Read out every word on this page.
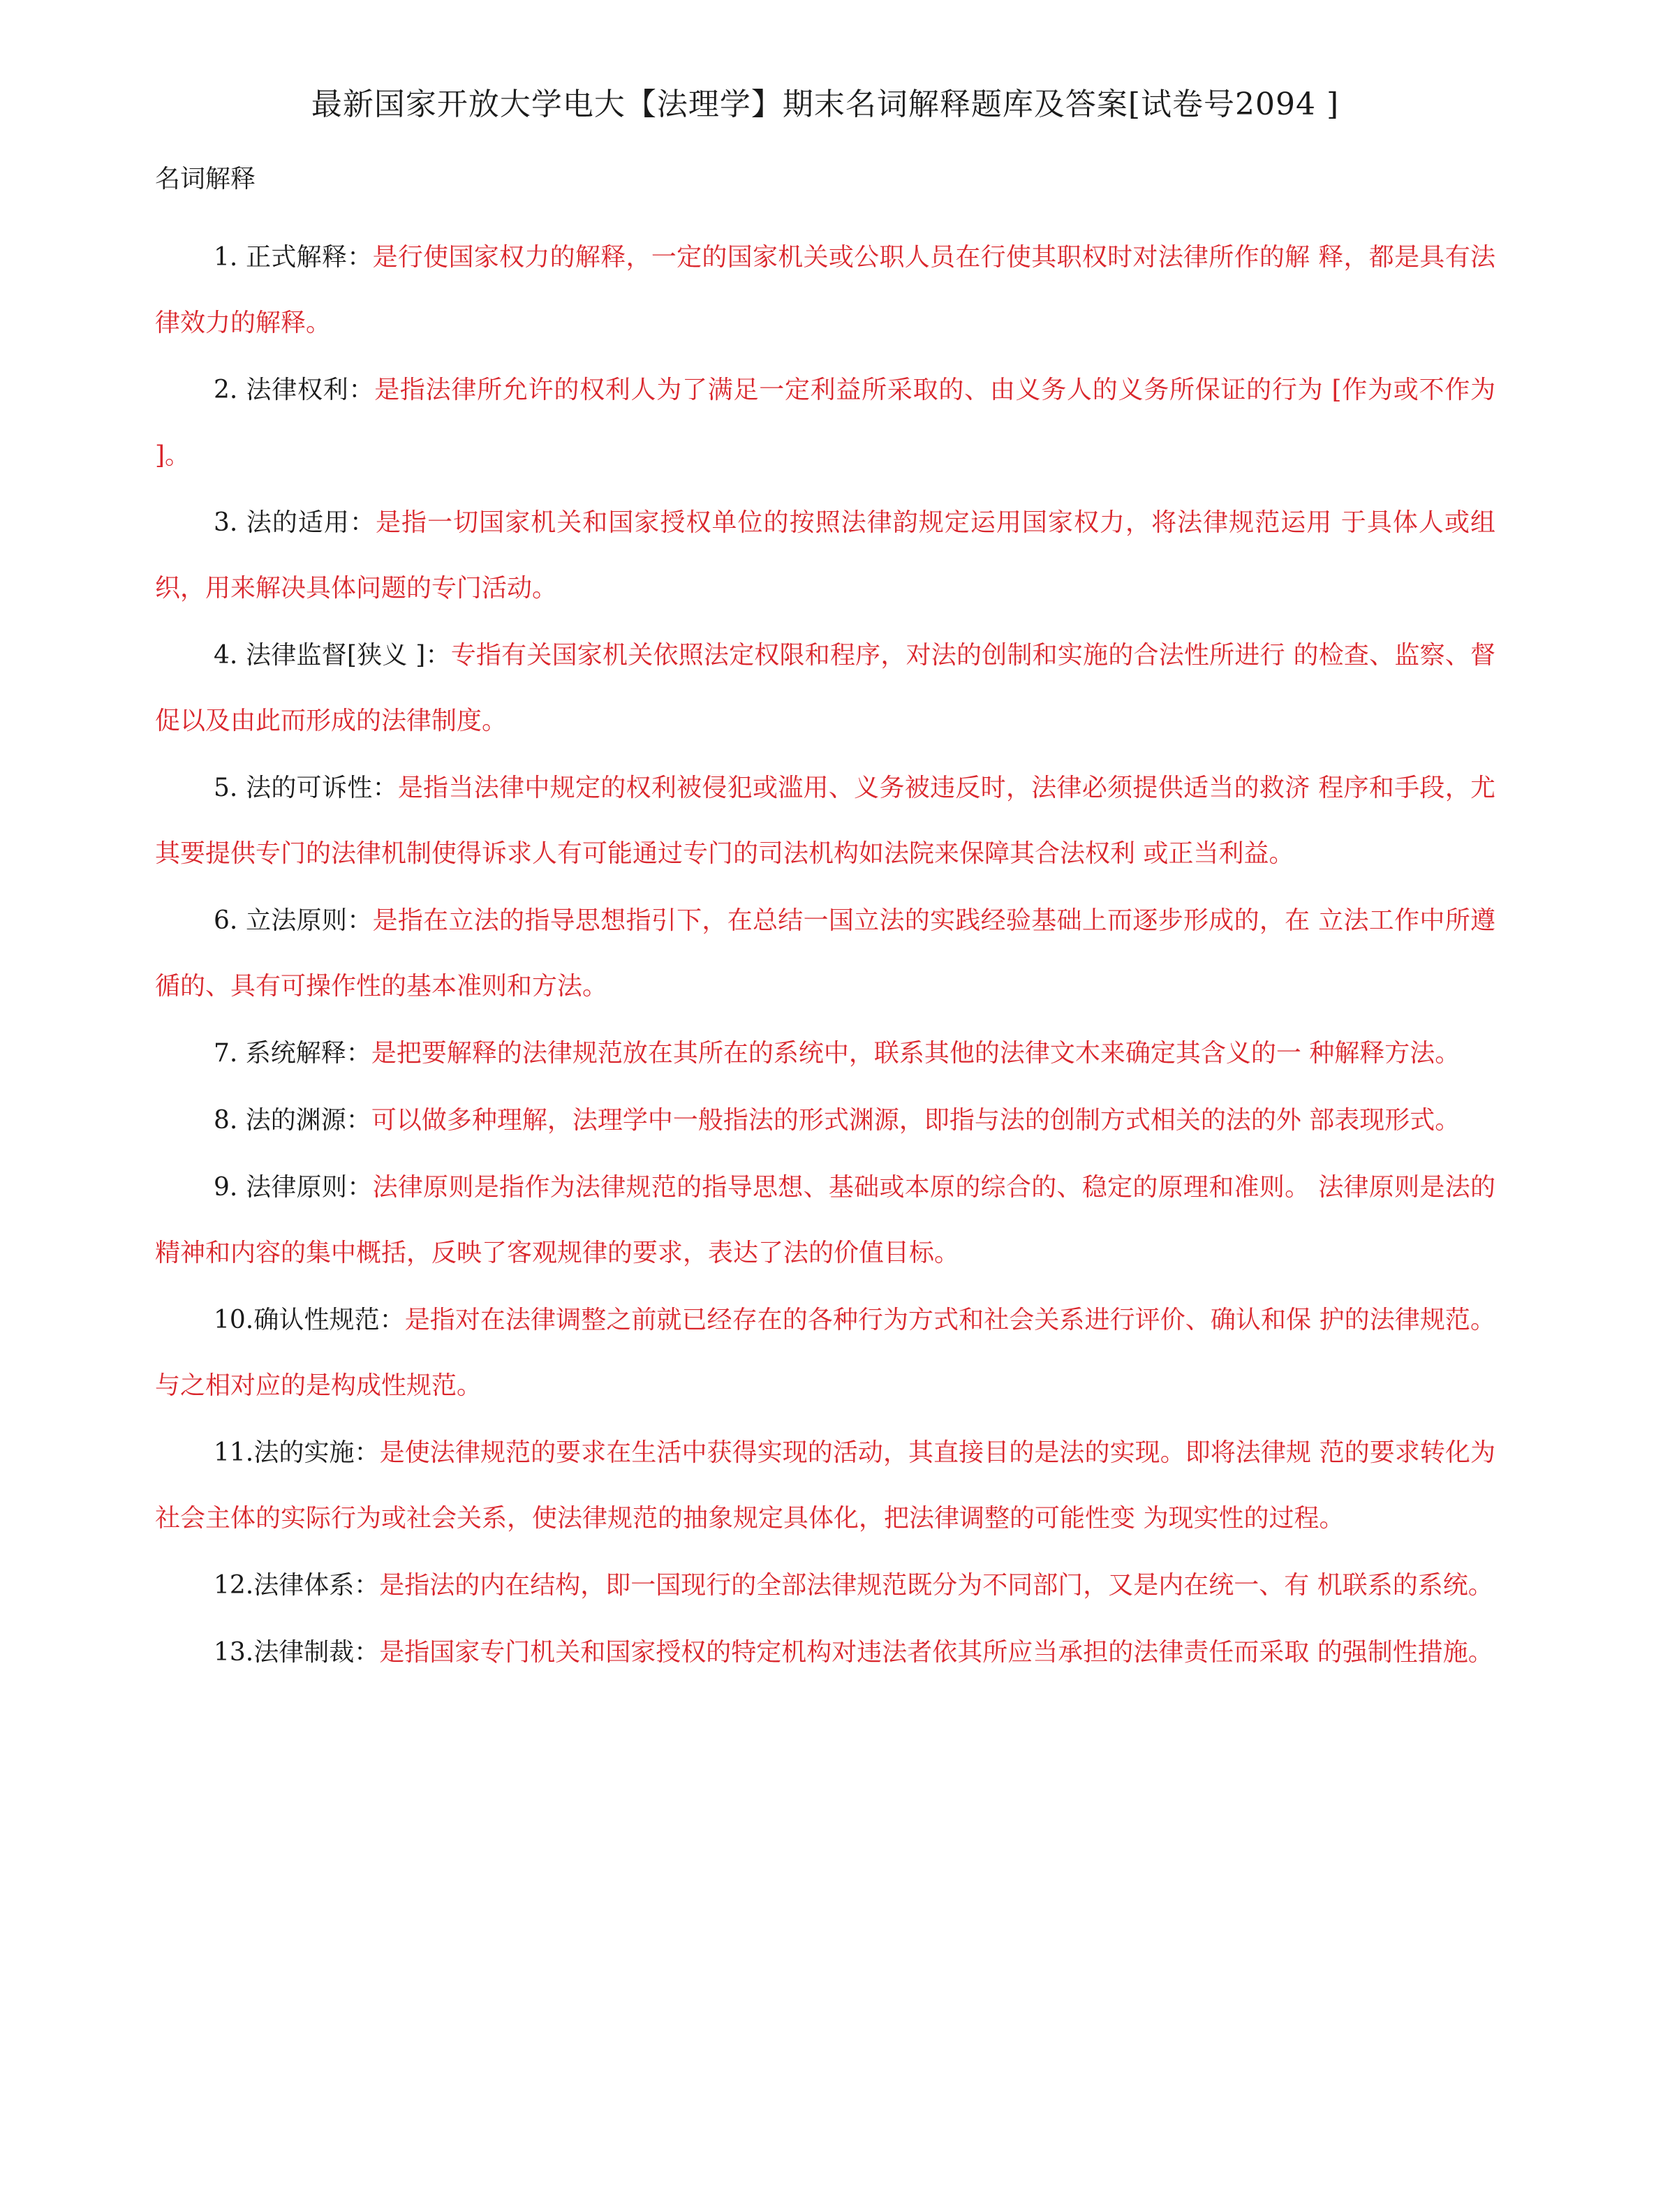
最新国家开放大学电大【法理学】期末名词解释题库及答案[试卷号2094 ]
名词解释

1. 正式解释：是行使国家权力的解释，一定的国家机关或公职人员在行使其职权时对法律所作的解 释，都是具有法律效力的解释。

2. 法律权利：是指法律所允许的权利人为了满足一定利益所采取的、由义务人的义务所保证的行为 [作为或不作为 ]。

3. 法的适用：是指一切国家机关和国家授权单位的按照法律韵规定运用国家权力，将法律规范运用 于具体人或组织，用来解决具体问题的专门活动。

4. 法律监督[狭义 ]：专指有关国家机关依照法定权限和程序，对法的创制和实施的合法性所进行 的检查、监察、督促以及由此而形成的法律制度。

5. 法的可诉性：是指当法律中规定的权利被侵犯或滥用、义务被违反时，法律必须提供适当的救济 程序和手段，尤其要提供专门的法律机制使得诉求人有可能通过专门的司法机构如法院来保障其合法权利 或正当利益。

6. 立法原则：是指在立法的指导思想指引下，在总结一国立法的实践经验基础上而逐步形成的，在 立法工作中所遵循的、具有可操作性的基本准则和方法。

7. 系统解释：是把要解释的法律规范放在其所在的系统中，联系其他的法律文木来确定其含义的一 种解释方法。

8. 法的渊源：可以做多种理解，法理学中一般指法的形式渊源，即指与法的创制方式相关的法的外 部表现形式。

9. 法律原则：法律原则是指作为法律规范的指导思想、基础或本原的综合的、稳定的原理和准则。 法律原则是法的精神和内容的集中概括，反映了客观规律的要求，表达了法的价值目标。

10.确认性规范：是指对在法律调整之前就已经存在的各种行为方式和社会关系进行评价、确认和保 护的法律规范。与之相对应的是构成性规范。

11.法的实施：是使法律规范的要求在生活中获得实现的活动，其直接目的是法的实现。即将法律规 范的要求转化为社会主体的实际行为或社会关系，使法律规范的抽象规定具体化，把法律调整的可能性变 为现实性的过程。

12.法律体系：是指法的内在结构，即一国现行的全部法律规范既分为不同部门，又是内在统一、有 机联系的系统。

13.法律制裁：是指国家专门机关和国家授权的特定机构对违法者依其所应当承担的法律责任而采取 的强制性措施。
